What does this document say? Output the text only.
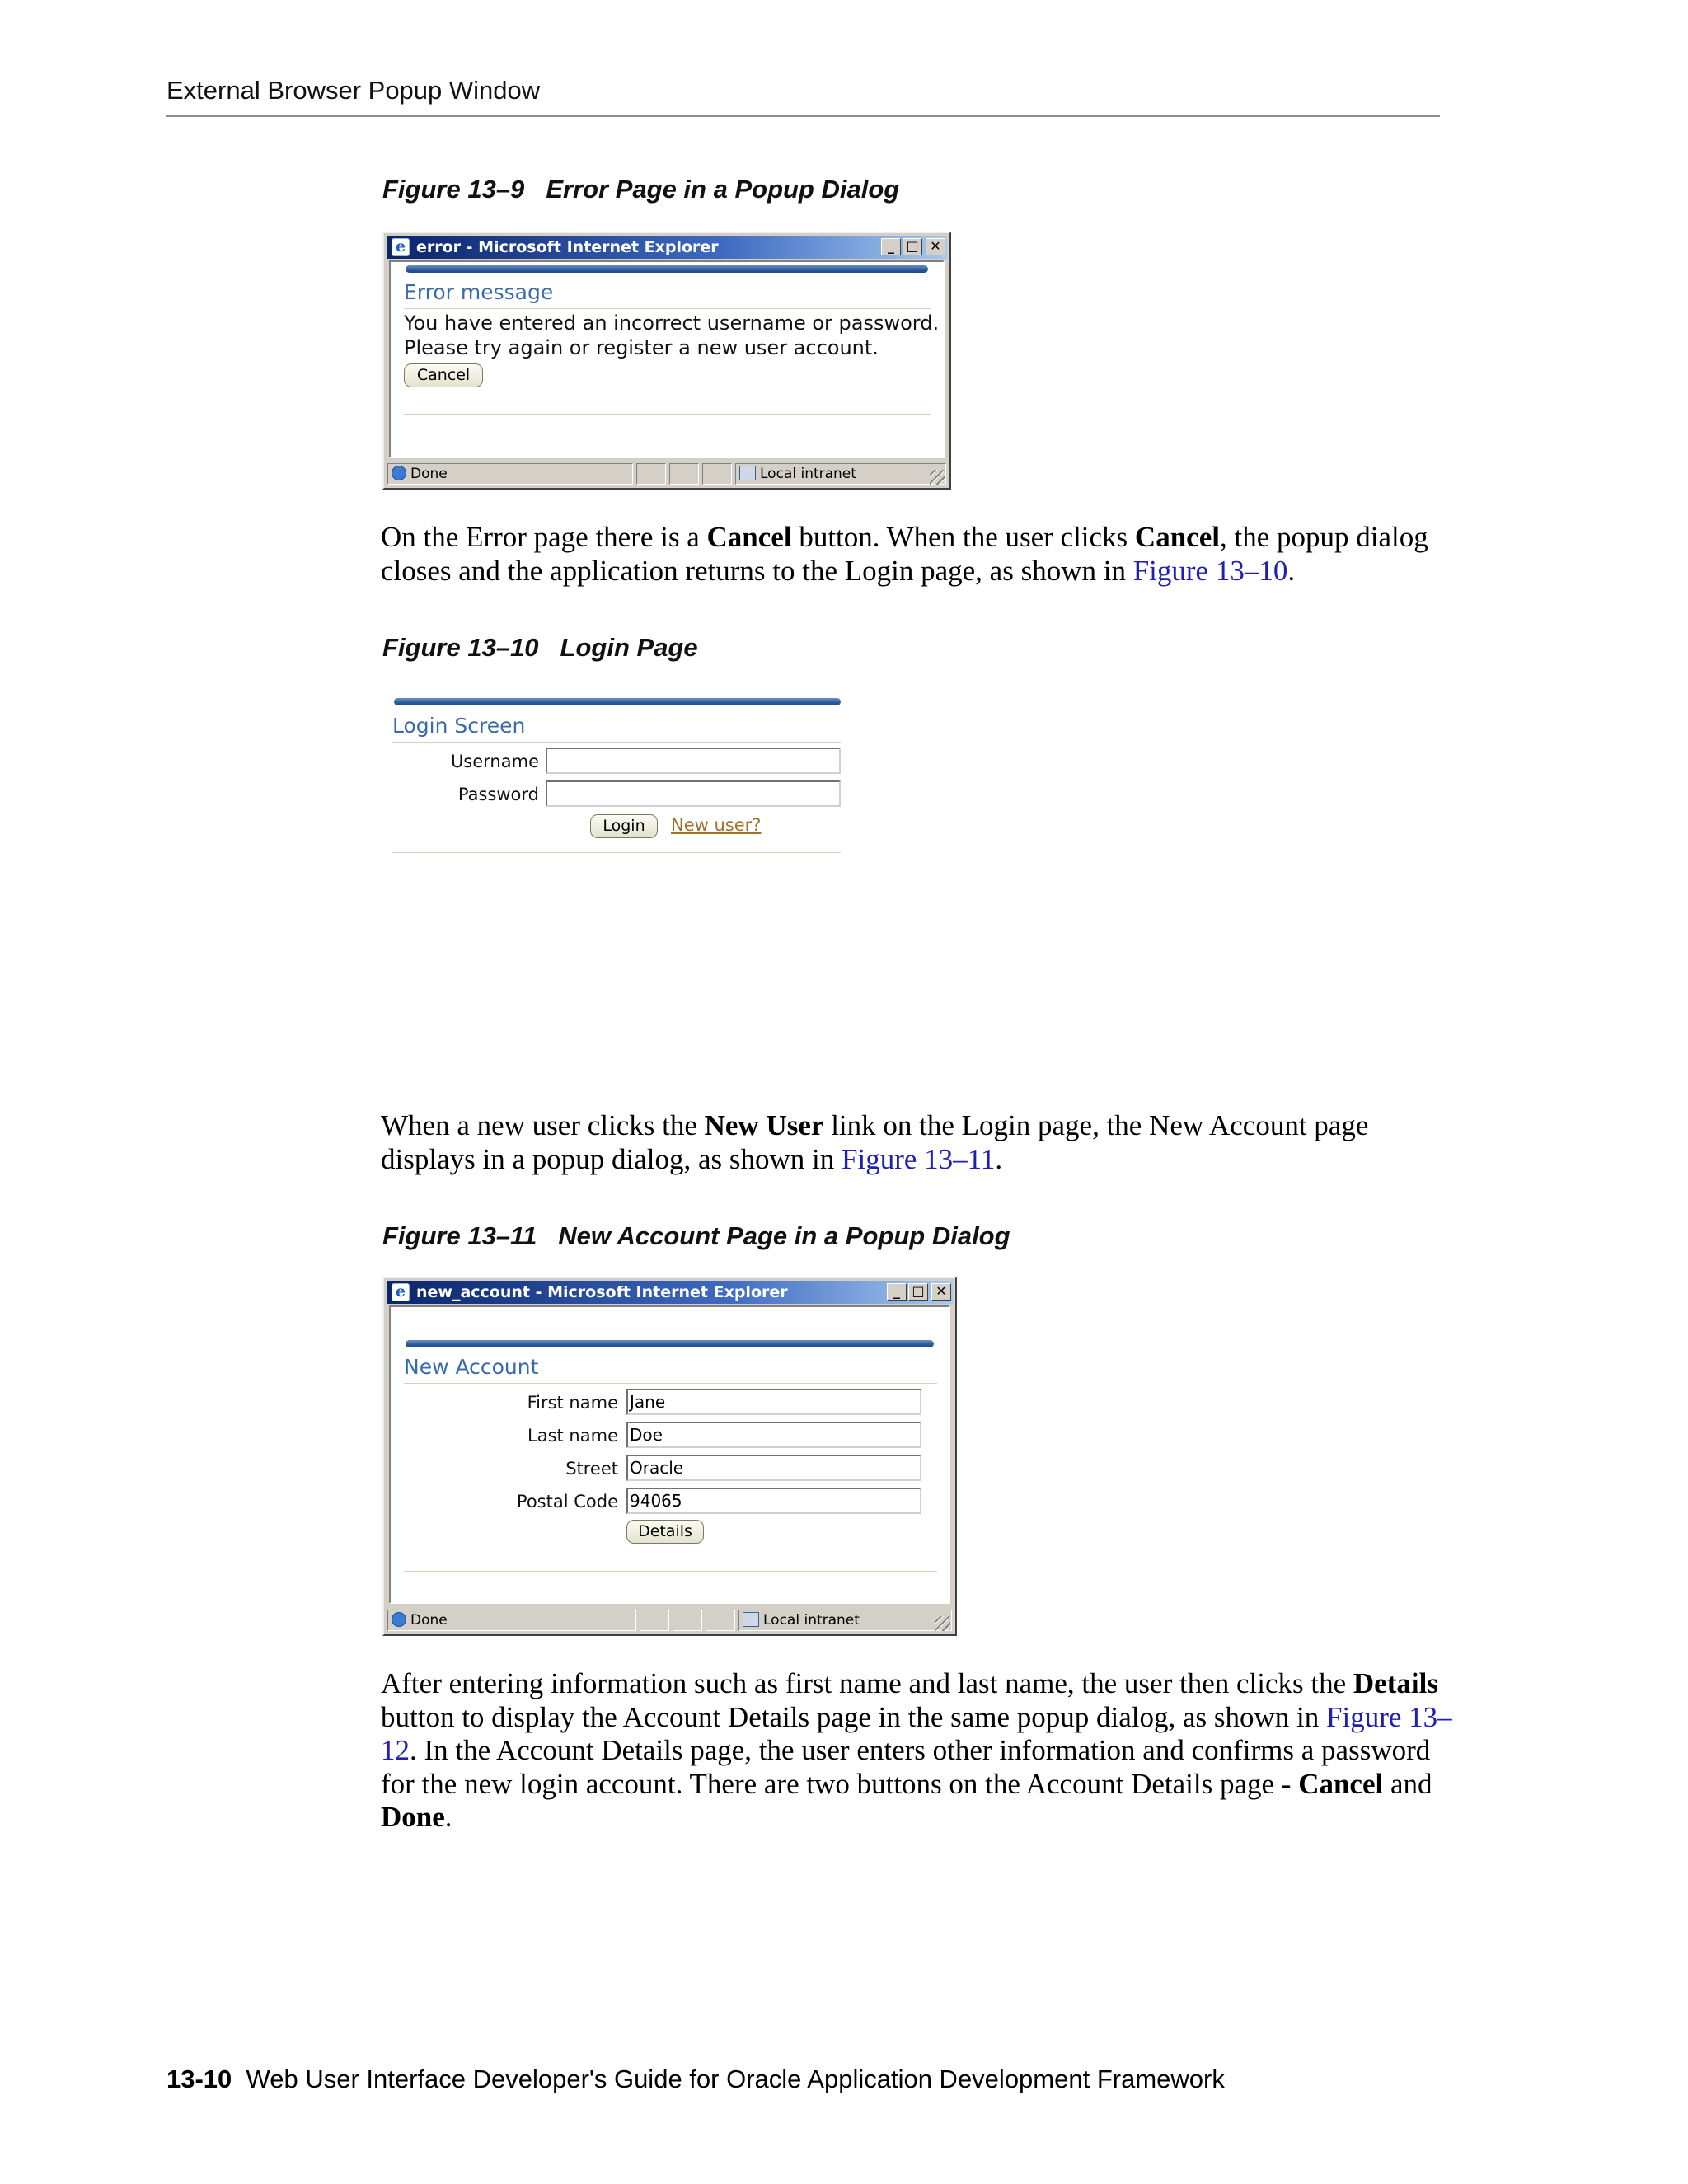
External Browser Popup Window
Figure 13–9 Error Page in a Popup Dialog
e error - Microsoft Internet Explorer	_ □ ✕
Error message
You have entered an incorrect username or password.
Please try again or register a new user account.
Cancel
Done	Local intranet
On the Error page there is a Cancel button. When the user clicks Cancel, the popup dialog closes and the application returns to the Login page, as shown in Figure 13–10.
Figure 13–10 Login Page
Login Screen
Username
Password
Login	New user?
When a new user clicks the New User link on the Login page, the New Account page displays in a popup dialog, as shown in Figure 13–11.
Figure 13–11 New Account Page in a Popup Dialog
e new_account - Microsoft Internet Explorer	_ □ ✕
New Account
First name Jane
Last name Doe
Street Oracle
Postal Code 94065
Details
Done	Local intranet
After entering information such as first name and last name, the user then clicks the Details button to display the Account Details page in the same popup dialog, as shown in Figure 13–12. In the Account Details page, the user enters other information and confirms a password for the new login account. There are two buttons on the Account Details page - Cancel and Done.
13-10 Web User Interface Developer's Guide for Oracle Application Development Framework
